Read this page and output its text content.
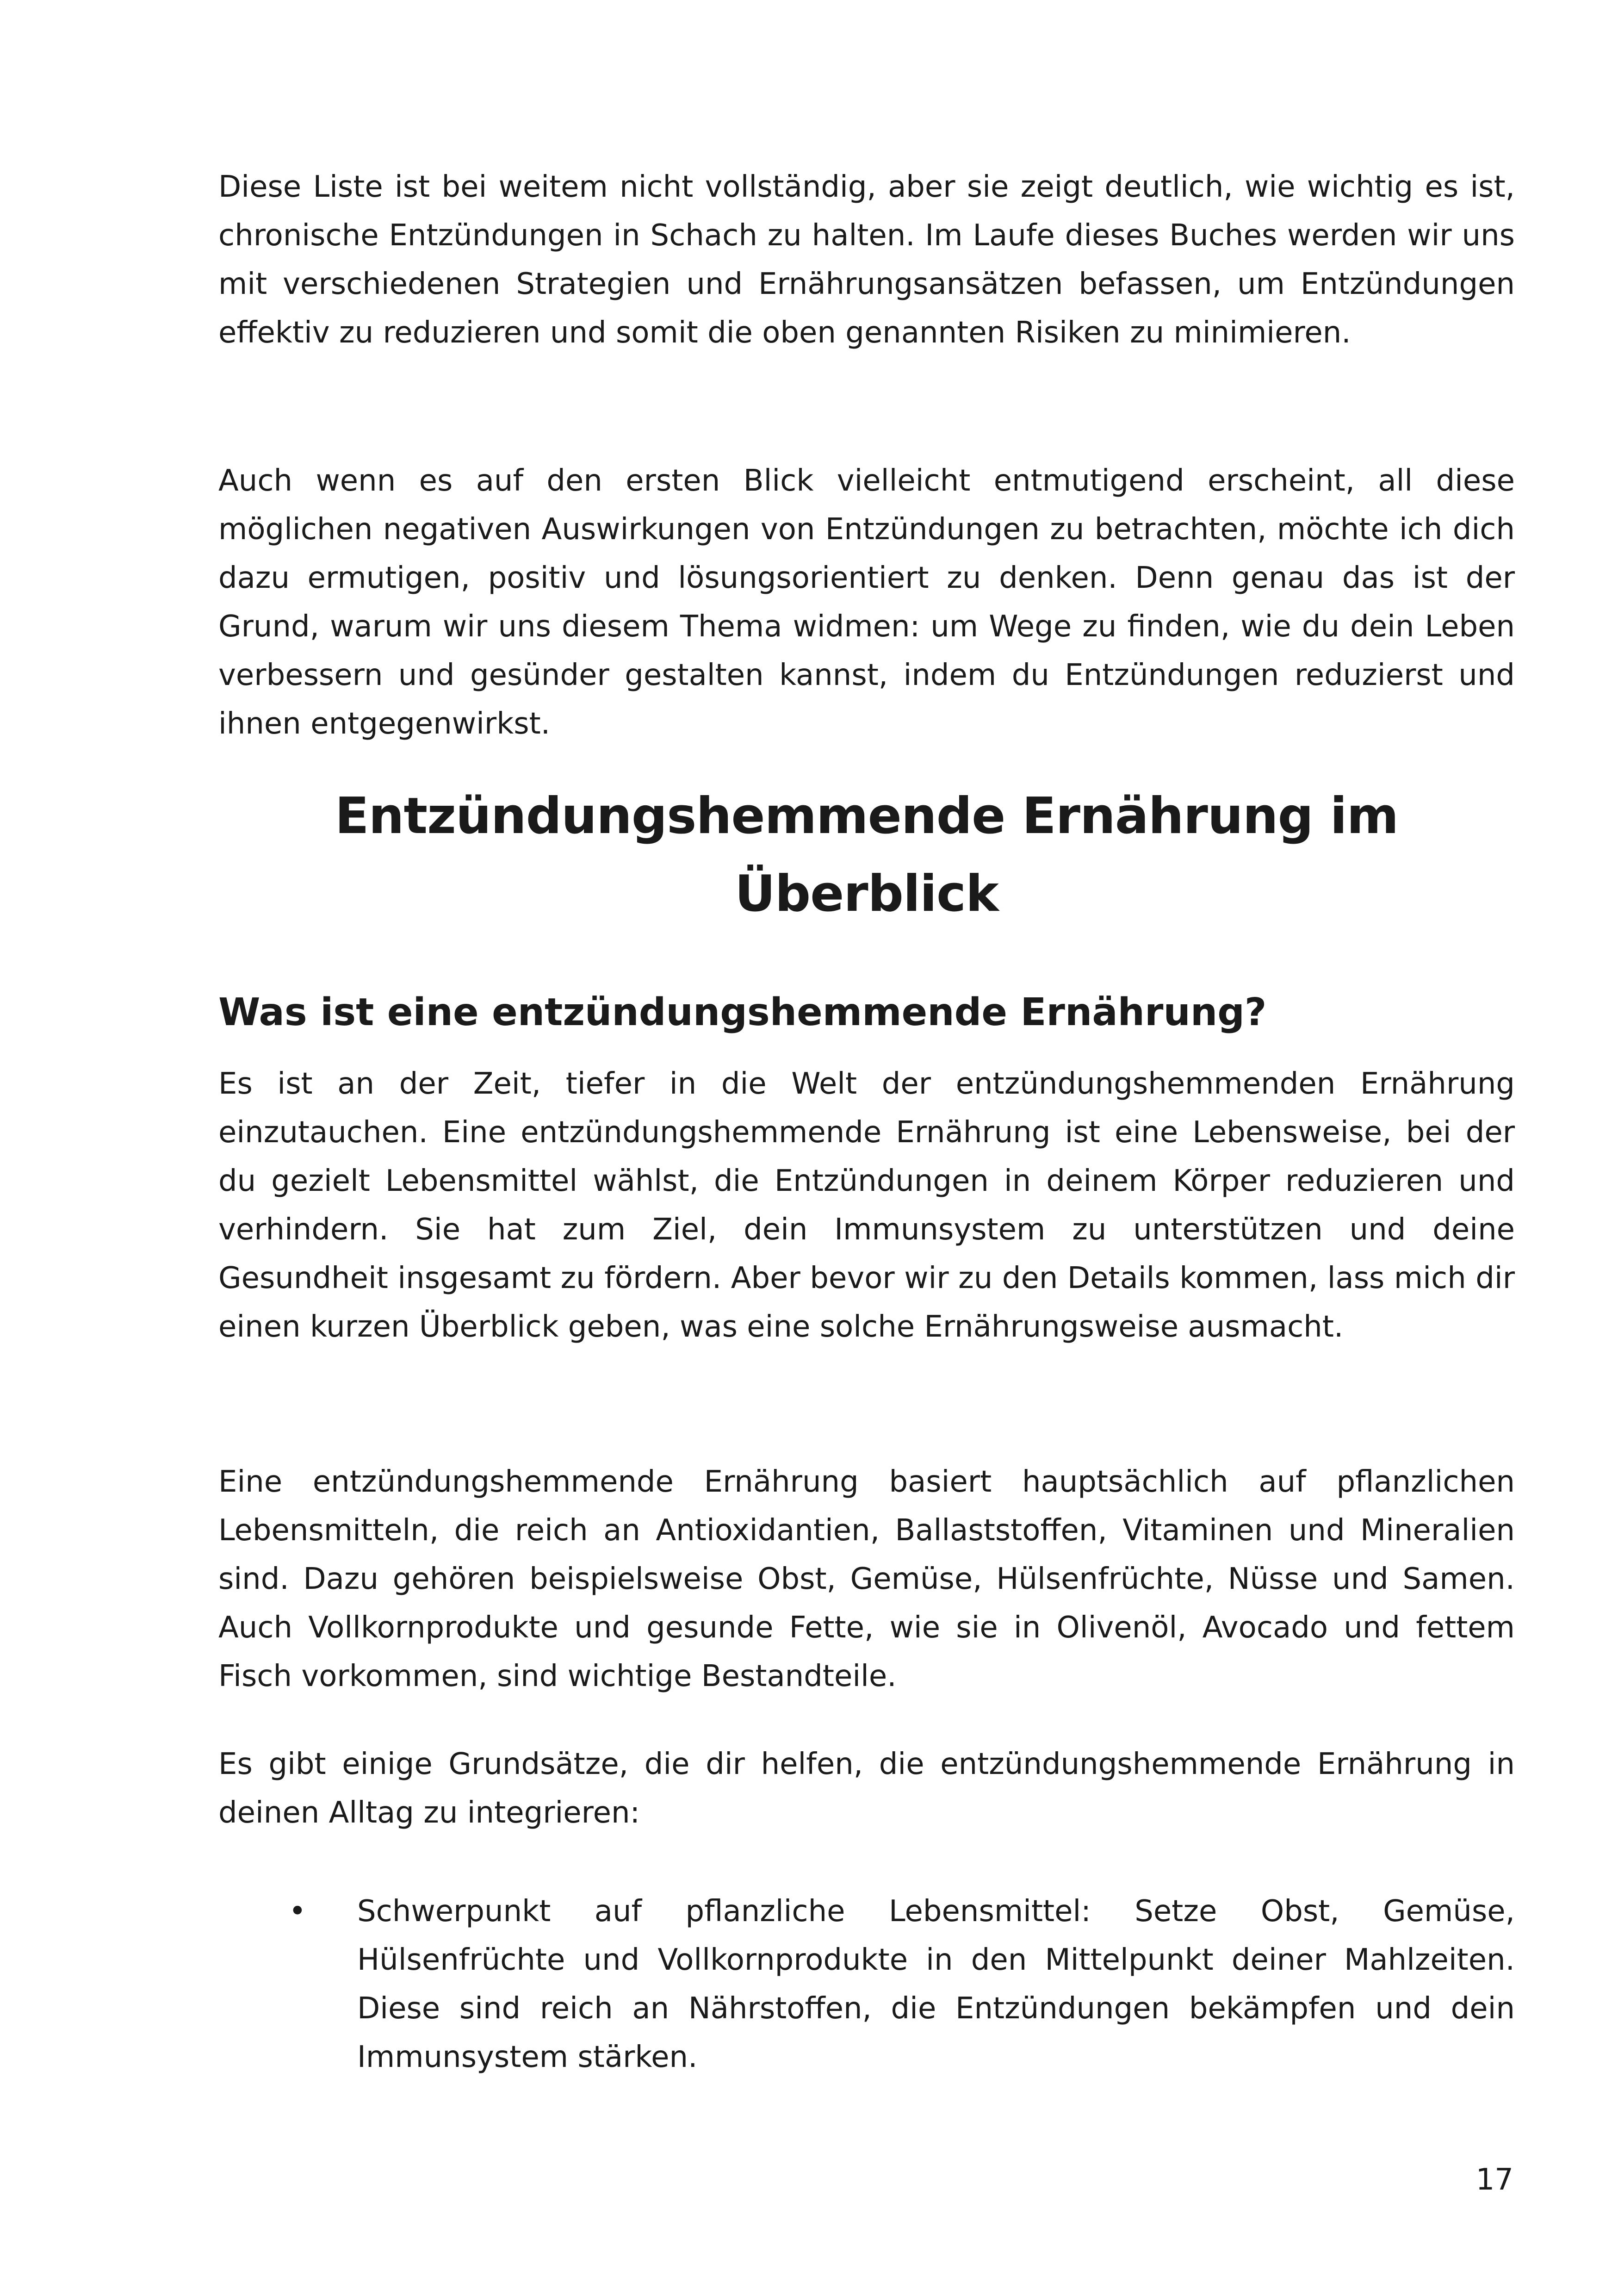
Diese Liste ist bei weitem nicht vollständig, aber sie zeigt deutlich, wie wichtig es ist, chronische Entzündungen in Schach zu halten. Im Laufe dieses Buches werden wir uns mit verschiedenen Strategien und Ernährungsansätzen befassen, um Entzündungen effektiv zu reduzieren und somit die oben genannten Risiken zu minimieren.

Auch wenn es auf den ersten Blick vielleicht entmutigend erscheint, all diese möglichen negativen Auswirkungen von Entzündungen zu betrachten, möchte ich dich dazu ermutigen, positiv und lösungsorientiert zu denken. Denn genau das ist der Grund, warum wir uns diesem Thema widmen: um Wege zu finden, wie du dein Leben verbessern und gesünder gestalten kannst, indem du Entzündungen reduzierst und ihnen entgegenwirkst.

Entzündungshemmende Ernährung im Überblick
Was ist eine entzündungshemmende Ernährung?

Es ist an der Zeit, tiefer in die Welt der entzündungshemmenden Ernährung einzutauchen. Eine entzündungshemmende Ernährung ist eine Lebensweise, bei der du gezielt Lebensmittel wählst, die Entzündungen in deinem Körper reduzieren und verhindern. Sie hat zum Ziel, dein Immunsystem zu unterstützen und deine Gesundheit insgesamt zu fördern. Aber bevor wir zu den Details kommen, lass mich dir einen kurzen Überblick geben, was eine solche Ernährungsweise ausmacht.

Eine entzündungshemmende Ernährung basiert hauptsächlich auf pflanzlichen Lebensmitteln, die reich an Antioxidantien, Ballaststoffen, Vitaminen und Mineralien sind. Dazu gehören beispielsweise Obst, Gemüse, Hülsenfrüchte, Nüsse und Samen. Auch Vollkornprodukte und gesunde Fette, wie sie in Olivenöl, Avocado und fettem Fisch vorkommen, sind wichtige Bestandteile.

Es gibt einige Grundsätze, die dir helfen, die entzündungshemmende Ernährung in deinen Alltag zu integrieren:

• Schwerpunkt auf pflanzliche Lebensmittel: Setze Obst, Gemüse, Hülsenfrüchte und Vollkornprodukte in den Mittelpunkt deiner Mahlzeiten. Diese sind reich an Nährstoffen, die Entzündungen bekämpfen und dein Immunsystem stärken.
17
